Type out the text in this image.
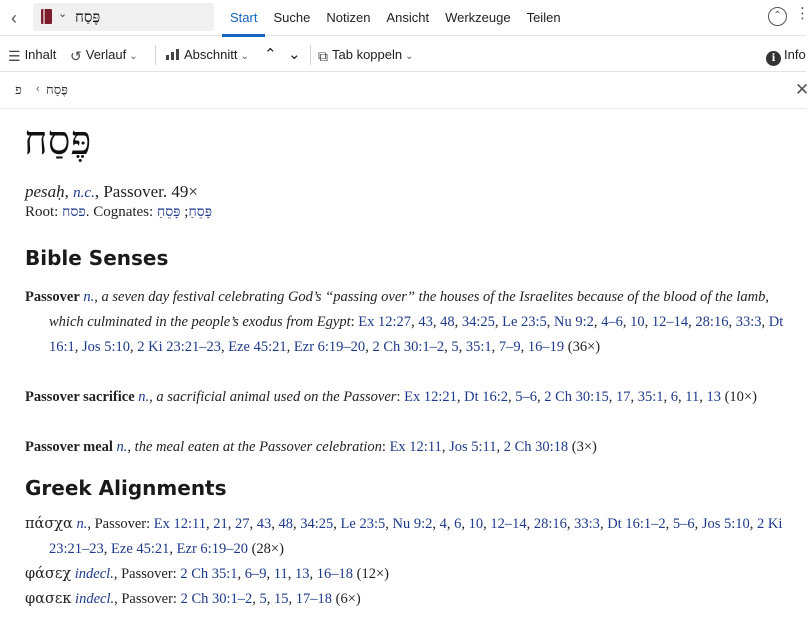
‹	⌄ פֶּסַח	Start	Suche	Notizen	Ansicht	Werkzeuge	Teilen	⌃ ⋮
☰ Inhalt ↺ Verlauf ⌄	Abschnitt ⌄ ⌃ ⌄ ⧉ Tab koppeln ⌄	i Info
פ ‹ פֶּסַח	✕
פֶּסַח
pesaḥ, n.c., Passover. 49×
Root: פסח. Cognates:	פָּסֵחַ; פָּסֵחַ
Bible Senses
Passover n., a seven day festival celebrating God’s “passing over” the houses of the Israelites because of the blood of the lamb, which culminated in the people’s exodus from Egypt: Ex 12:27, 43, 48, 34:25, Le 23:5, Nu 9:2, 4–6, 10, 12–14, 28:16, 33:3, Dt 16:1, Jos 5:10, 2 Ki 23:21–23, Eze 45:21, Ezr 6:19–20, 2 Ch 30:1–2, 5, 35:1, 7–9, 16–19 (36×)
Passover sacrifice n., a sacrificial animal used on the Passover: Ex 12:21, Dt 16:2, 5–6, 2 Ch 30:15, 17, 35:1, 6, 11, 13 (10×)
Passover meal n., the meal eaten at the Passover celebration: Ex 12:11, Jos 5:11, 2 Ch 30:18 (3×)
Greek Alignments
πάσχα n., Passover: Ex 12:11, 21, 27, 43, 48, 34:25, Le 23:5, Nu 9:2, 4, 6, 10, 12–14, 28:16, 33:3, Dt 16:1–2, 5–6, Jos 5:10, 2 Ki 23:21–23, Eze 45:21, Ezr 6:19–20 (28×)
φάσεχ indecl., Passover: 2 Ch 35:1, 6–9, 11, 13, 16–18 (12×)
φασεκ indecl., Passover: 2 Ch 30:1–2, 5, 15, 17–18 (6×)
